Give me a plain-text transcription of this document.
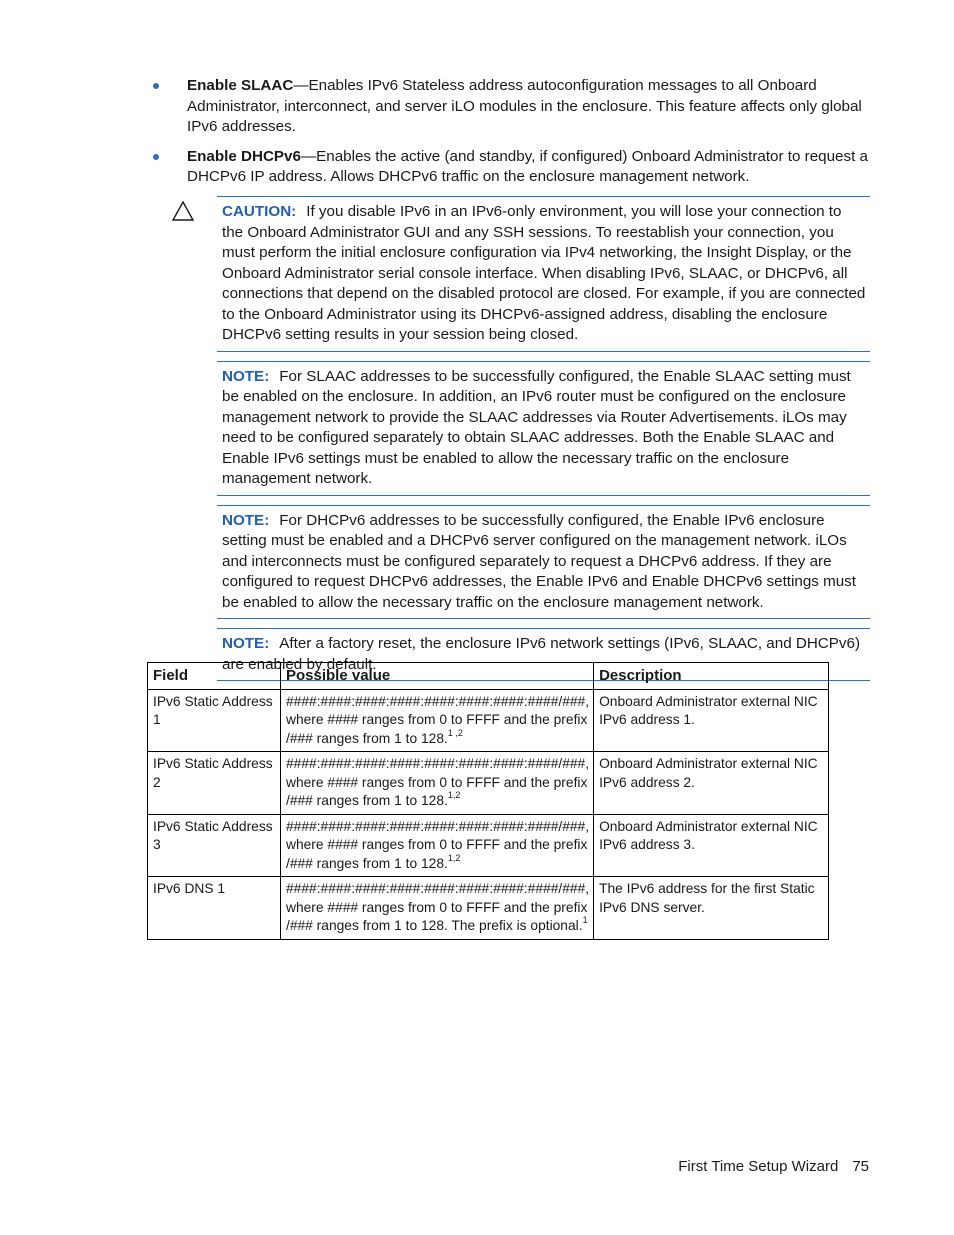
Enable SLAAC—Enables IPv6 Stateless address autoconfiguration messages to all Onboard Administrator, interconnect, and server iLO modules in the enclosure. This feature affects only global IPv6 addresses.
Enable DHCPv6—Enables the active (and standby, if configured) Onboard Administrator to request a DHCPv6 IP address. Allows DHCPv6 traffic on the enclosure management network.
CAUTION: If you disable IPv6 in an IPv6-only environment, you will lose your connection to the Onboard Administrator GUI and any SSH sessions. To reestablish your connection, you must perform the initial enclosure configuration via IPv4 networking, the Insight Display, or the Onboard Administrator serial console interface. When disabling IPv6, SLAAC, or DHCPv6, all connections that depend on the disabled protocol are closed. For example, if you are connected to the Onboard Administrator using its DHCPv6-assigned address, disabling the enclosure DHCPv6 setting results in your session being closed.
NOTE: For SLAAC addresses to be successfully configured, the Enable SLAAC setting must be enabled on the enclosure. In addition, an IPv6 router must be configured on the enclosure management network to provide the SLAAC addresses via Router Advertisements. iLOs may need to be configured separately to obtain SLAAC addresses. Both the Enable SLAAC and Enable IPv6 settings must be enabled to allow the necessary traffic on the enclosure management network.
NOTE: For DHCPv6 addresses to be successfully configured, the Enable IPv6 enclosure setting must be enabled and a DHCPv6 server configured on the management network. iLOs and interconnects must be configured separately to request a DHCPv6 address. If they are configured to request DHCPv6 addresses, the Enable IPv6 and Enable DHCPv6 settings must be enabled to allow the necessary traffic on the enclosure management network.
NOTE: After a factory reset, the enclosure IPv6 network settings (IPv6, SLAAC, and DHCPv6) are enabled by default.
Field	Possible value	Description
IPv6 Static Address 1	####:####:####:####:####:####:####:####/###, where #### ranges from 0 to FFFF and the prefix /### ranges from 1 to 128.$^{1 ,2}$	Onboard Administrator external NIC IPv6 address 1.
IPv6 Static Address 2	####:####:####:####:####:####:####:####/###, where #### ranges from 0 to FFFF and the prefix /### ranges from 1 to 128.$^{1,2}$	Onboard Administrator external NIC IPv6 address 2.
IPv6 Static Address 3	####:####:####:####:####:####:####:####/###, where #### ranges from 0 to FFFF and the prefix /### ranges from 1 to 128.$^{1,2}$	Onboard Administrator external NIC IPv6 address 3.
IPv6 DNS 1	####:####:####:####:####:####:####:####/###, where #### ranges from 0 to FFFF and the prefix /### ranges from 1 to 128. The prefix is optional.$^1$	The IPv6 address for the first Static IPv6 DNS server.
First Time Setup Wizard 75
